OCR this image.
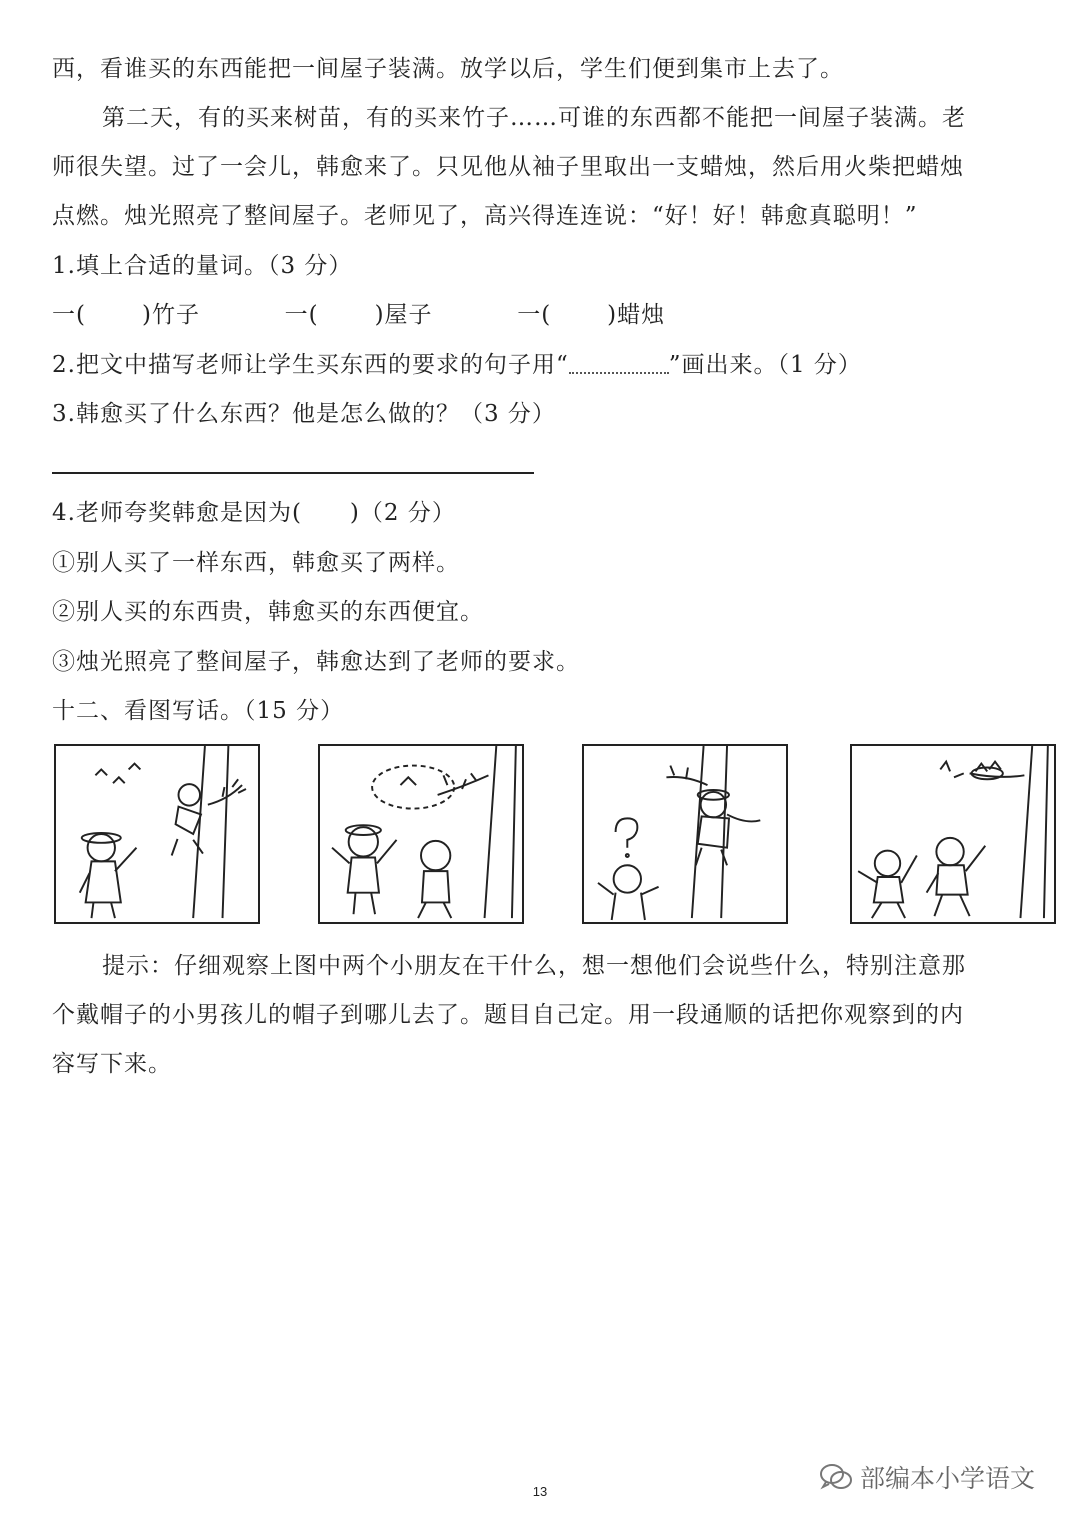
西，看谁买的东西能把一间屋子装满。放学以后，学生们便到集市上去了。
第二天，有的买来树苗，有的买来竹子……可谁的东西都不能把一间屋子装满。老
师很失望。过了一会儿，韩愈来了。只见他从袖子里取出一支蜡烛，然后用火柴把蜡烛
点燃。烛光照亮了整间屋子。老师见了，高兴得连连说：“好！好！韩愈真聪明！”
1.填上合适的量词。（3 分）
一( )竹子	一( )屋子	一( )蜡烛
2.把文中描写老师让学生买东西的要求的句子用“	”画出来。（1 分）
3.韩愈买了什么东西？他是怎么做的？（3 分）
4.老师夸奖韩愈是因为( )（2 分）
①别人买了一样东西，韩愈买了两样。
②别人买的东西贵，韩愈买的东西便宜。
③烛光照亮了整间屋子，韩愈达到了老师的要求。
十二、看图写话。（15 分）
提示：仔细观察上图中两个小朋友在干什么，想一想他们会说些什么，特别注意那
个戴帽子的小男孩儿的帽子到哪儿去了。题目自己定。用一段通顺的话把你观察到的内
容写下来。
13	部编本小学语文
